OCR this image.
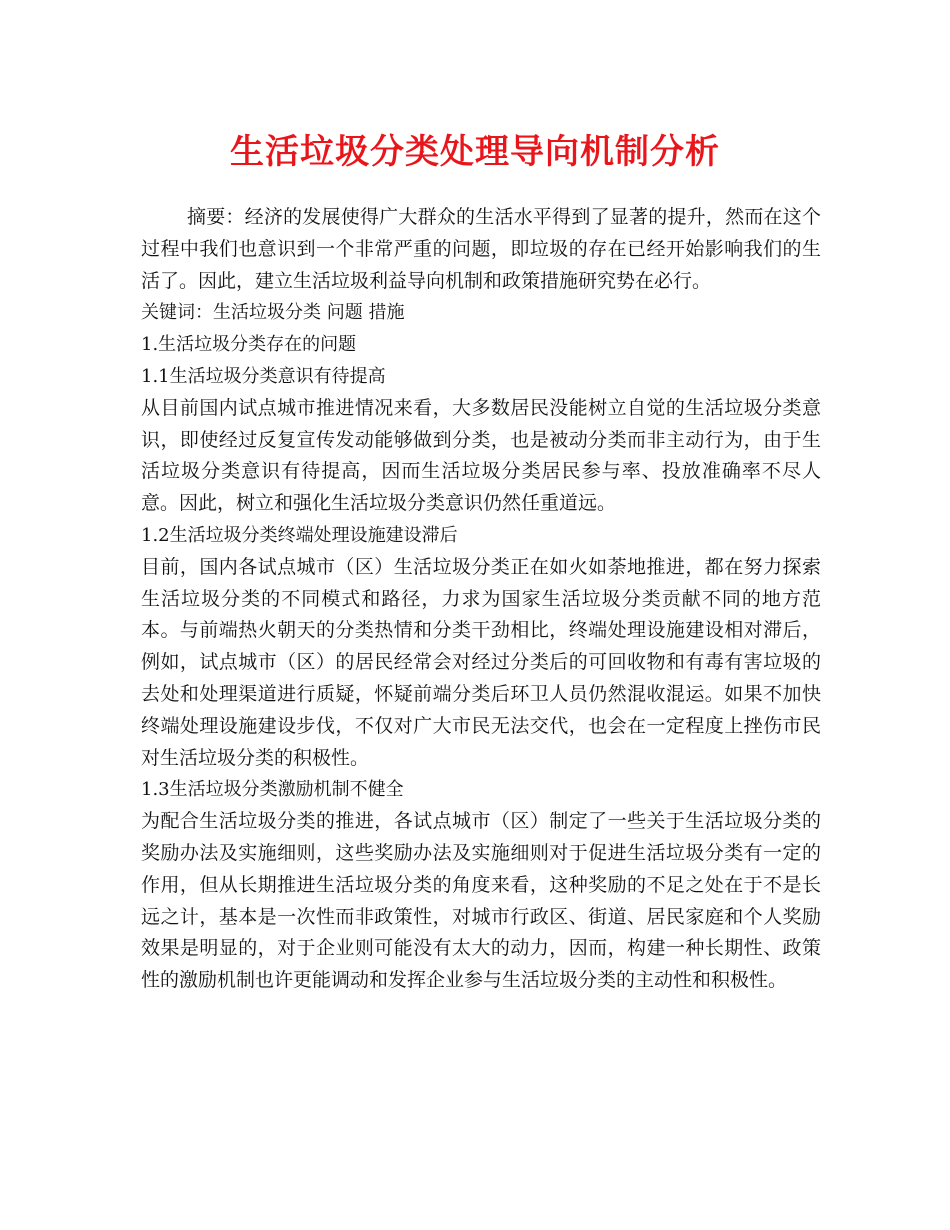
生活垃圾分类处理导向机制分析

摘要：经济的发展使得广大群众的生活水平得到了显著的提升，然而在这个过程中我们也意识到一个非常严重的问题，即垃圾的存在已经开始影响我们的生活了。因此，建立生活垃圾利益导向机制和政策措施研究势在必行。

关键词：生活垃圾分类 问题 措施

1.生活垃圾分类存在的问题

1.1生活垃圾分类意识有待提高

从目前国内试点城市推进情况来看，大多数居民没能树立自觉的生活垃圾分类意识，即使经过反复宣传发动能够做到分类，也是被动分类而非主动行为，由于生活垃圾分类意识有待提高，因而生活垃圾分类居民参与率、投放准确率不尽人意。因此，树立和强化生活垃圾分类意识仍然任重道远。

1.2生活垃圾分类终端处理设施建设滞后

目前，国内各试点城市（区）生活垃圾分类正在如火如荼地推进，都在努力探索生活垃圾分类的不同模式和路径，力求为国家生活垃圾分类贡献不同的地方范本。与前端热火朝天的分类热情和分类干劲相比，终端处理设施建设相对滞后，例如，试点城市（区）的居民经常会对经过分类后的可回收物和有毒有害垃圾的去处和处理渠道进行质疑，怀疑前端分类后环卫人员仍然混收混运。如果不加快终端处理设施建设步伐，不仅对广大市民无法交代，也会在一定程度上挫伤市民对生活垃圾分类的积极性。

1.3生活垃圾分类激励机制不健全

为配合生活垃圾分类的推进，各试点城市（区）制定了一些关于生活垃圾分类的奖励办法及实施细则，这些奖励办法及实施细则对于促进生活垃圾分类有一定的作用，但从长期推进生活垃圾分类的角度来看，这种奖励的不足之处在于不是长远之计，基本是一次性而非政策性，对城市行政区、街道、居民家庭和个人奖励效果是明显的，对于企业则可能没有太大的动力，因而，构建一种长期性、政策性的激励机制也许更能调动和发挥企业参与生活垃圾分类的主动性和积极性。
